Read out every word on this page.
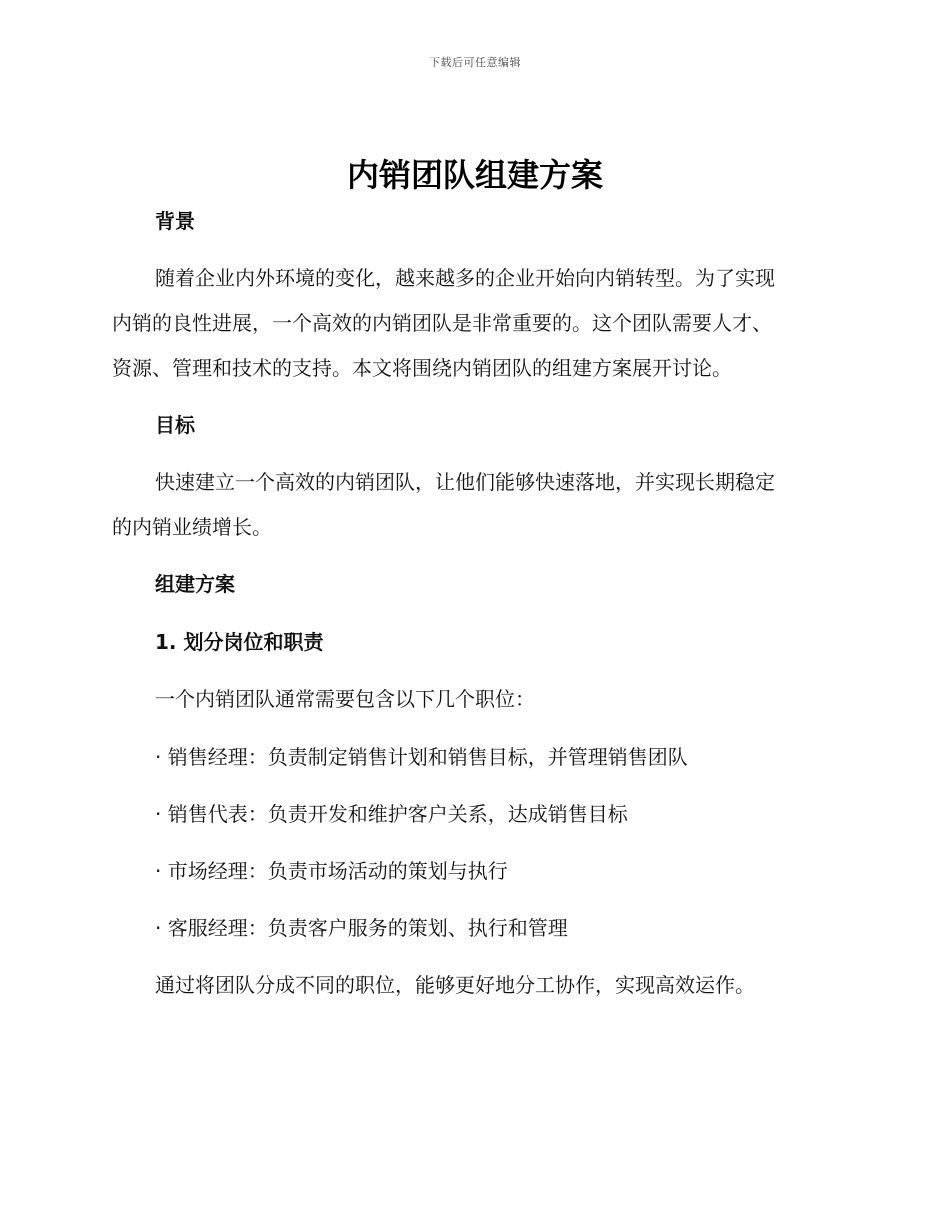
下载后可任意编辑
内销团队组建方案
背景

随着企业内外环境的变化，越来越多的企业开始向内销转型。为了实现

内销的良性进展，一个高效的内销团队是非常重要的。这个团队需要人才、

资源、管理和技术的支持。本文将围绕内销团队的组建方案展开讨论。

目标

快速建立一个高效的内销团队，让他们能够快速落地，并实现长期稳定

的内销业绩增长。

组建方案
1. 划分岗位和职责
一个内销团队通常需要包含以下几个职位：
· 销售经理：负责制定销售计划和销售目标，并管理销售团队
· 销售代表：负责开发和维护客户关系，达成销售目标
· 市场经理：负责市场活动的策划与执行
· 客服经理：负责客户服务的策划、执行和管理
通过将团队分成不同的职位，能够更好地分工协作，实现高效运作。
